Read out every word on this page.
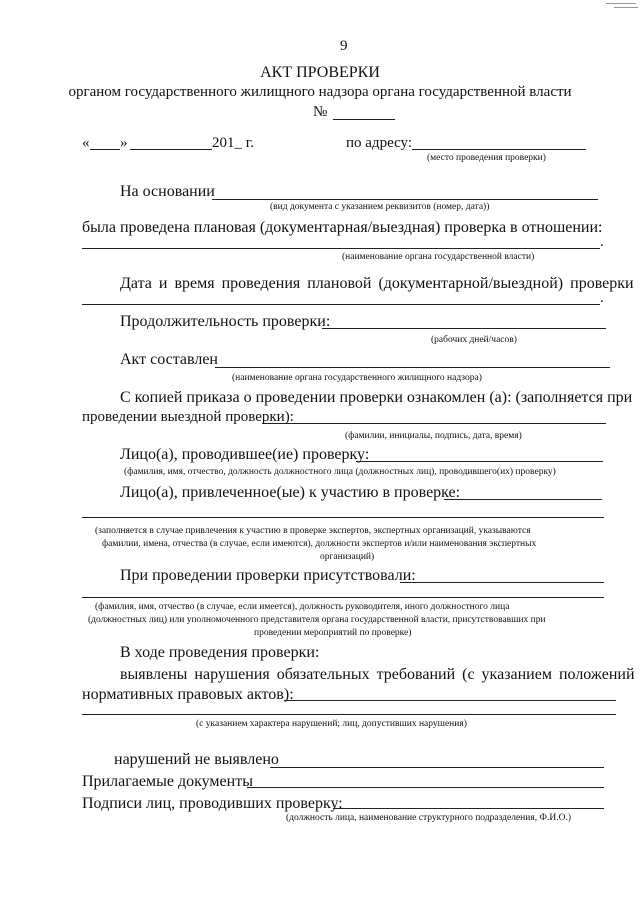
9
АКТ ПРОВЕРКИ
органом государственного жилищного надзора органа государственной власти
№
« »	201_ г.	по адресу:
(место проведения проверки)
На основании
(вид документа с указанием реквизитов (номер, дата))
была проведена плановая (документарная/выездная) проверка в отношении:
.
(наименование органа государственной власти)
Дата и время проведения плановой (документарной/выездной) проверки
.
Продолжительность проверки:
(рабочих дней/часов)
Акт составлен
(наименование органа государственного жилищного надзора)
С копией приказа о проведении проверки ознакомлен (а): (заполняется при
проведении выездной проверки):
(фамилии, инициалы, подпись, дата, время)
Лицо(а), проводившее(ие) проверку:
(фамилия, имя, отчество, должность должностного лица (должностных лиц), проводившего(их) проверку)
Лицо(а), привлеченное(ые) к участию в проверке:
(заполняется в случае привлечения к участию в проверке экспертов, экспертных организаций, указываются
фамилии, имена, отчества (в случае, если имеются), должности экспертов и/или наименования экспертных
организаций)
При проведении проверки присутствовали:
(фамилия, имя, отчество (в случае, если имеется), должность руководителя, иного должностного лица
(должностных лиц) или уполномоченного представителя органа государственной власти, присутствовавших при
проведении мероприятий по проверке)
В ходе проведения проверки:
выявлены нарушения обязательных требований (с указанием положений
нормативных правовых актов):
(с указанием характера нарушений; лиц, допустивших нарушения)
нарушений не выявлено
Прилагаемые документы
Подписи лиц, проводивших проверку:
(должность лица, наименование структурного подразделения, Ф.И.О.)
